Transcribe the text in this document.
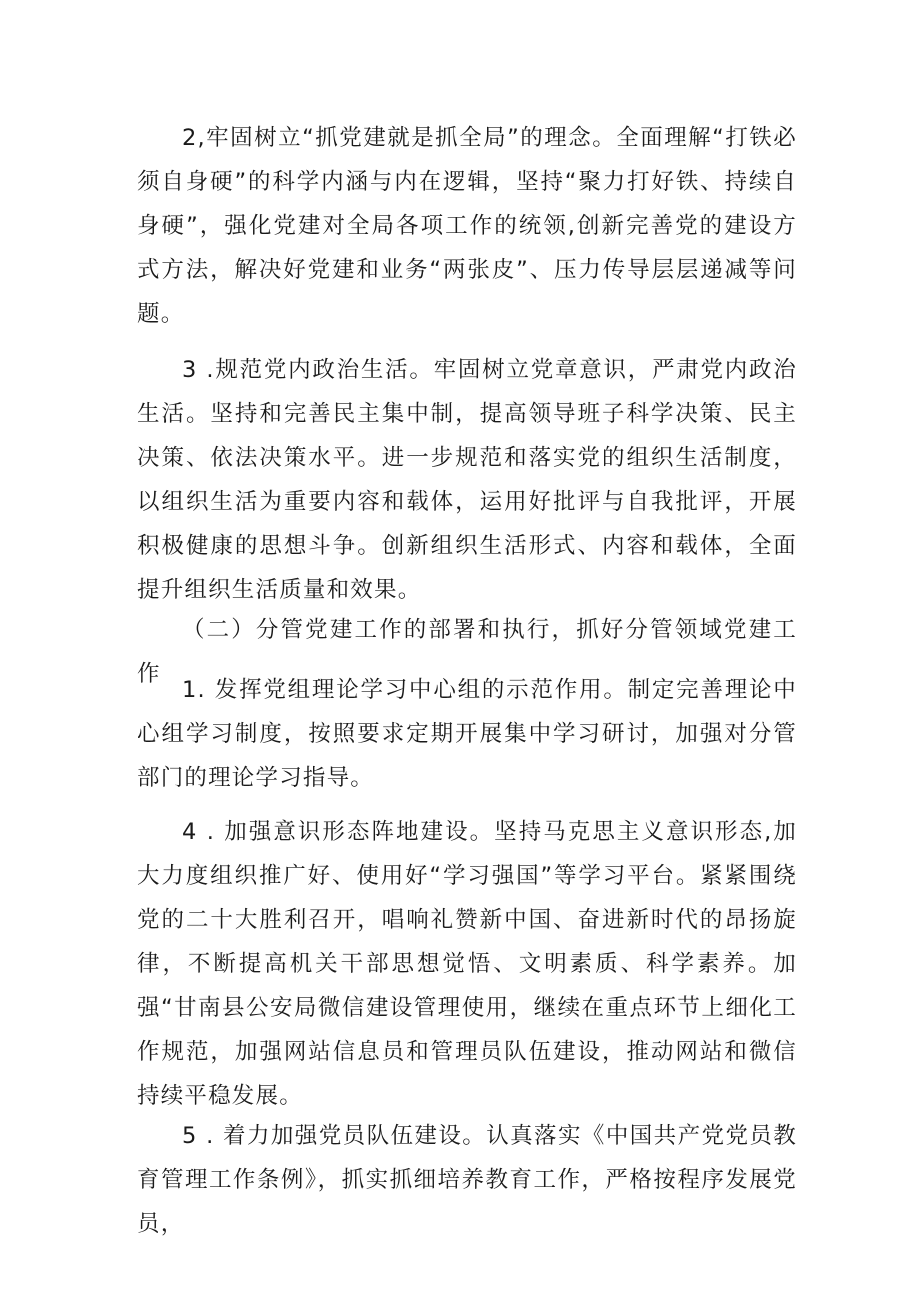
2,牢固树立“抓党建就是抓全局”的理念。全面理解“打铁必须自身硬”的科学内涵与内在逻辑，坚持“聚力打好铁、持续自身硬”，强化党建对全局各项工作的统领,创新完善党的建设方式方法，解决好党建和业务“两张皮”、压力传导层层递减等问题。

3 .规范党内政治生活。牢固树立党章意识，严肃党内政治生活。坚持和完善民主集中制，提高领导班子科学决策、民主决策、依法决策水平。进一步规范和落实党的组织生活制度，以组织生活为重要内容和载体，运用好批评与自我批评，开展积极健康的思想斗争。创新组织生活形式、内容和载体，全面提升组织生活质量和效果。

（二）分管党建工作的部署和执行，抓好分管领域党建工作

1. 发挥党组理论学习中心组的示范作用。制定完善理论中心组学习制度，按照要求定期开展集中学习研讨，加强对分管部门的理论学习指导。

4 . 加强意识形态阵地建设。坚持马克思主义意识形态,加大力度组织推广好、使用好“学习强国”等学习平台。紧紧围绕党的二十大胜利召开，唱响礼赞新中国、奋进新时代的昂扬旋律，不断提高机关干部思想觉悟、文明素质、科学素养。加强“甘南县公安局微信建设管理使用，继续在重点环节上细化工作规范，加强网站信息员和管理员队伍建设，推动网站和微信持续平稳发展。

5 . 着力加强党员队伍建设。认真落实《中国共产党党员教育管理工作条例》，抓实抓细培养教育工作，严格按程序发展党员，
